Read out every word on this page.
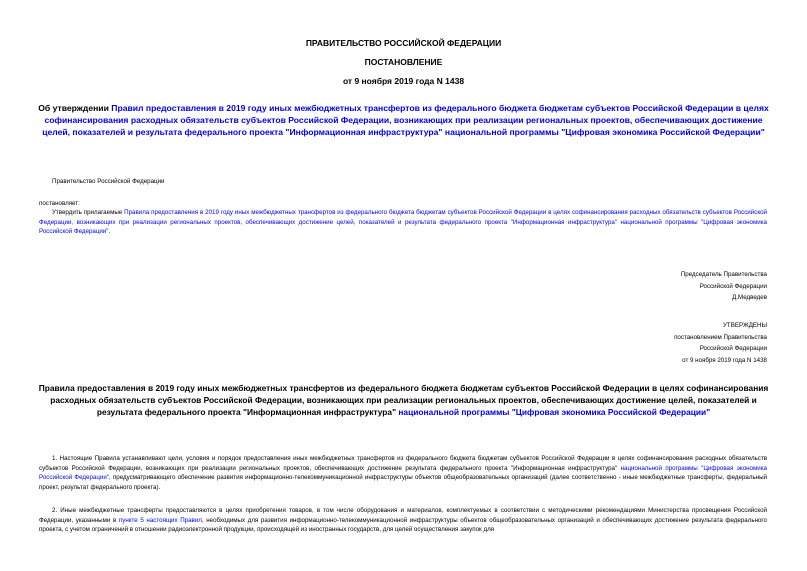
ПРАВИТЕЛЬСТВО РОССИЙСКОЙ ФЕДЕРАЦИИ
ПОСТАНОВЛЕНИЕ
от 9 ноября 2019 года N 1438
Об утверждении Правил предоставления в 2019 году иных межбюджетных трансфертов из федерального бюджета бюджетам субъектов Российской Федерации в целях софинансирования расходных обязательств субъектов Российской Федерации, возникающих при реализации региональных проектов, обеспечивающих достижение целей, показателей и результата федерального проекта "Информационная инфраструктура" национальной программы "Цифровая экономика Российской Федерации"
Правительство Российской Федерации
постановляет:
Утвердить прилагаемые Правила предоставления в 2019 году иных межбюджетных трансфертов из федерального бюджета бюджетам субъектов Российской Федерации в целях софинансирования расходных обязательств субъектов Российской Федерации, возникающих при реализации региональных проектов, обеспечивающих достижение целей, показателей и результата федерального проекта "Информационная инфраструктура" национальной программы "Цифровая экономика Российской Федерации".
Председатель Правительства
Российской Федерации
Д.Медведев
УТВЕРЖДЕНЫ
постановлением Правительства
Российской Федерации
от 9 ноября 2019 года N 1438
Правила предоставления в 2019 году иных межбюджетных трансфертов из федерального бюджета бюджетам субъектов Российской Федерации в целях софинансирования расходных обязательств субъектов Российской Федерации, возникающих при реализации региональных проектов, обеспечивающих достижение целей, показателей и результата федерального проекта "Информационная инфраструктура" национальной программы "Цифровая экономика Российской Федерации"
1. Настоящие Правила устанавливают цели, условия и порядок предоставления иных межбюджетных трансфертов из федерального бюджета бюджетам субъектов Российской Федерации в целях софинансирования расходных обязательств субъектов Российской Федерации, возникающих при реализации региональных проектов, обеспечивающих достижение результата федерального проекта "Информационная инфраструктура" национальной программы "Цифровая экономика Российской Федерации", предусматривающего обеспечение развития информационно-телекоммуникационной инфраструктуры объектов общеобразовательных организаций (далее соответственно - иные межбюджетные трансферты, федеральный проект, результат федерального проекта).
2. Иные межбюджетные трансферты предоставляются в целях приобретения товаров, в том числе оборудования и материалов, комплектуемых в соответствии с методическими рекомендациями Министерства просвещения Российской Федерации, указанными в пункте 5 настоящих Правил, необходимых для развития информационно-телекоммуникационной инфраструктуры объектов общеобразовательных организаций и обеспечивающих достижение результата федерального проекта, с учетом ограничений в отношении радиоэлектронной продукции, происходящей из иностранных государств, для целей осуществления закупок для
